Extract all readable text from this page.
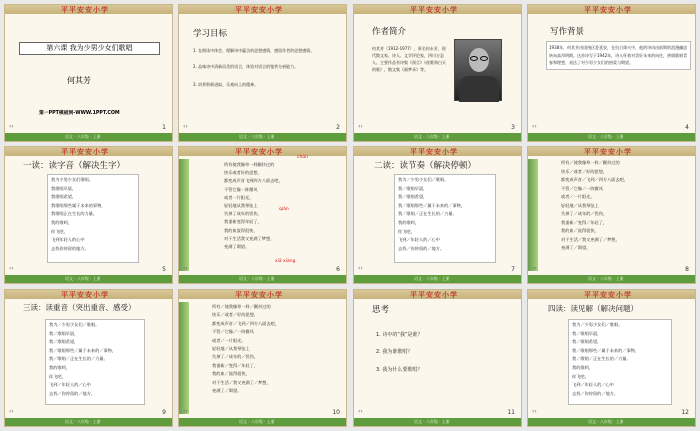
平平安安小学
第六课 我为少男少女们歌唱
何其芳
第一PPT模板网-WWW.1PPT.COM
‹›
语文 · 八年级 · 上册
1
平平安安小学
学习目标
1. 在朗读中体会、理解诗中蕴含的思想感情，感悟作者的思想感情。
2. 品味诗中清新而美的语言，体验对语言的鉴赏分析能力。
3. 培养积极进取、乐观向上的精神。
‹›
语文 · 八年级 · 上册
2
平平安安小学
作者简介
何其芳（1912-1977），原名何永芳，现代散文家、诗人、文学评论家，四川万县人。主要作品有诗集《预言》《夜歌和白天的歌》，散文集《画梦录》等。
‹›
语文 · 八年级 · 上册
3
平平安安小学
写作背景
1938年，何其芳由国统区赴延安，在抗日烽火中，他的诗风由前期的浪漫幽思转向高昂明朗。这首诗写于1942年，诗人怀着对美好未来的向往，热情歌唱青春和理想，表达了对少男少女们的热爱与期望。
‹›
语文 · 八年级 · 上册
4
平平安安小学
一读：读字音（解决生字）
我为少男少女们歌唱。
我歌唱早晨，
我歌唱希望，
我歌唱那些属于未来的事物，
我歌唱正在生长的力量。
我的歌呵，
你飞吧，
飞到年轻人的心中
去找你停留的地方。
‹›
语文 · 八年级 · 上册
5
平平安安小学
chūn
qián
xiā xiàng
所有使我像草一样颤抖过的
快乐或者好的思想，
都变成声音飞到四方八面去吧，
不管它像一阵微风
或者一片阳光。
轻轻地从我琴弦上
失掉了成年的忧伤，
我重新变得年轻了，
我的血流得很快，
对于生活我又充满了梦想，
充满了渴望。
‹›
语文 · 八年级 · 上册
6
平平安安小学
二读：读节奏（解决停顿）
我为／少男少女们／歌唱。
我／歌唱早晨，
我／歌唱希望，
我／歌唱那些／属于未来的／事物，
我／歌唱／正在生长的／力量。
我的歌呵，
你飞吧，
飞到／年轻人的／心中
去找／你停留的／地方。
‹›
语文 · 八年级 · 上册
7
平平安安小学
所有／使我像草一样／颤抖过的
快乐／或者／好的思想，
都变成声音／飞到／四方八面去吧，
不管／它像／一阵微风
或者／一片阳光。
轻轻地／从我琴弦上
失掉了／成年的／忧伤，
我重新／变得／年轻了，
我的血／流得很快，
对于生活／我又充满了／梦想，
充满了／渴望。
‹›
语文 · 八年级 · 上册
8
平平安安小学
三读：读重音（突出重音、感受）
我为／少男少女们／歌唱。
我／歌唱早晨，
我／歌唱希望，
我／歌唱那些／属于未来的／事物，
我／歌唱／正在生长的／力量。
我的歌呵，
你飞吧，
飞到／年轻人的／心中
去找／你停留的／地方。
‹›
语文 · 八年级 · 上册
9
平平安安小学
所有／使我像草一样／颤抖过的
快乐／或者／好的思想，
都变成声音／飞到／四方八面去吧，
不管／它像／一阵微风
或者／一片阳光。
轻轻地／从我琴弦上
失掉了／成年的／忧伤，
我重新／变得／年轻了，
我的血／流得很快，
对于生活／我又充满了／梦想，
充满了／渴望。
‹›
语文 · 八年级 · 上册
10
平平安安小学
思考
1. 诗中的“我”是谁？
2. 我为谁歌唱？
3. 我为什么要歌唱？
‹›
语文 · 八年级 · 上册
11
平平安安小学
四读：读见解（解决问题）
我为／少男少女们／歌唱。
我／歌唱早晨，
我／歌唱希望，
我／歌唱那些／属于未来的／事物，
我／歌唱／正在生长的／力量。
我的歌呵，
你飞吧，
飞到／年轻人的／心中
去找／你停留的／地方。
‹›
语文 · 八年级 · 上册
12
